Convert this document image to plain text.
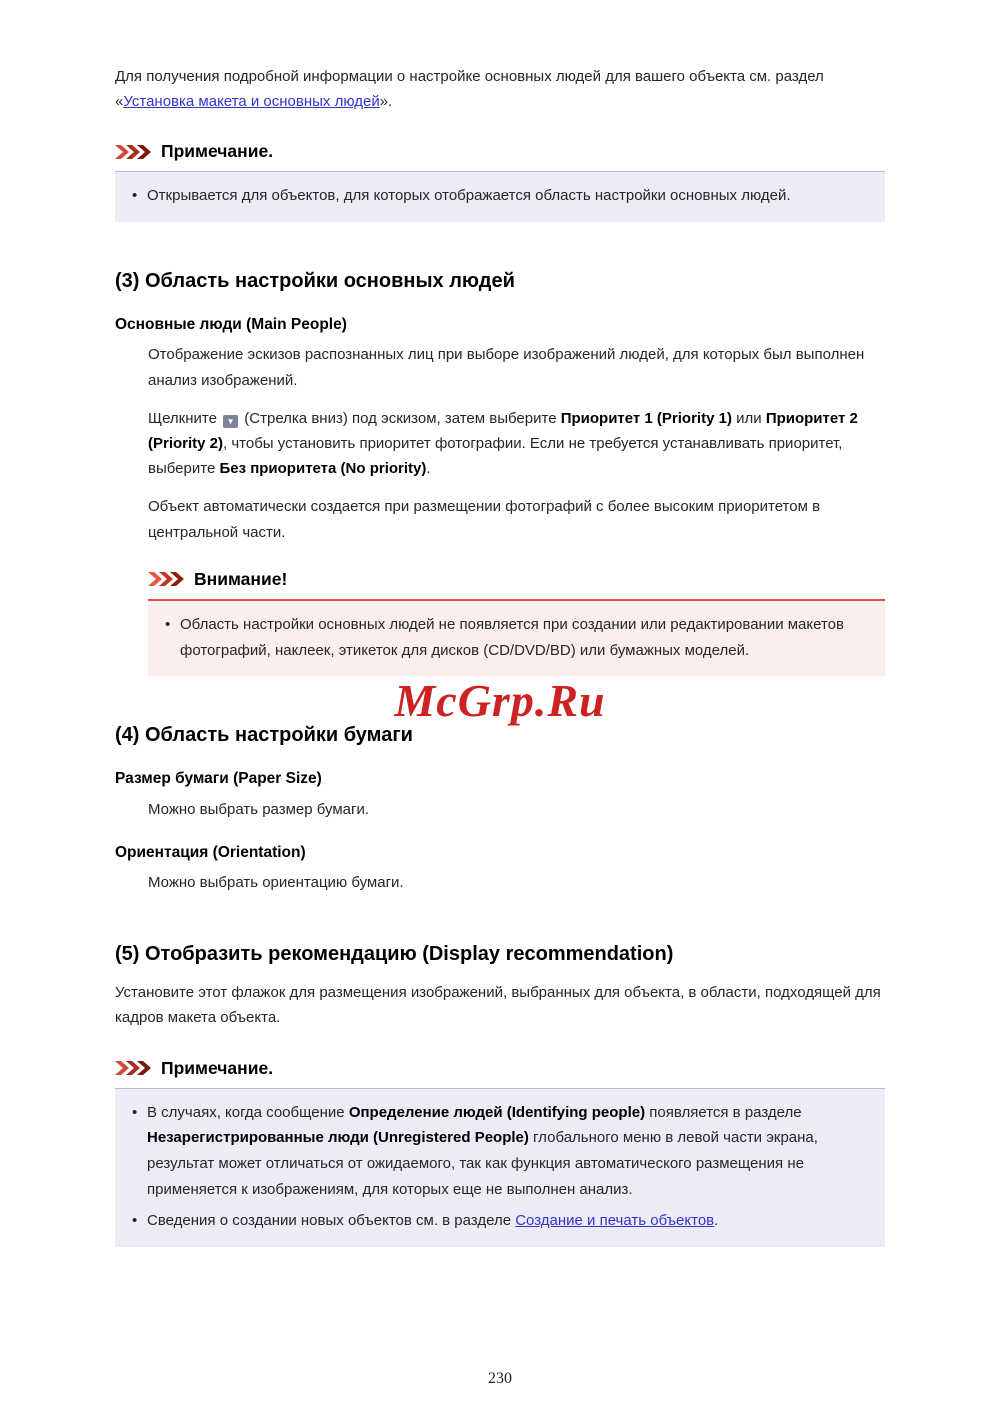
Для получения подробной информации о настройке основных людей для вашего объекта см. раздел «Установка макета и основных людей».

Примечание.
• Открывается для объектов, для которых отображается область настройки основных людей.
(3) Область настройки основных людей
Основные люди (Main People)

Отображение эскизов распознанных лиц при выборе изображений людей, для которых был выполнен анализ изображений.

Щелкните ▼ (Стрелка вниз) под эскизом, затем выберите Приоритет 1 (Priority 1) или Приоритет 2 (Priority 2), чтобы установить приоритет фотографии. Если не требуется устанавливать приоритет, выберите Без приоритета (No priority).

Объект автоматически создается при размещении фотографий с более высоким приоритетом в центральной части.

Внимание!
• Область настройки основных людей не появляется при создании или редактировании макетов фотографий, наклеек, этикеток для дисков (CD/DVD/BD) или бумажных моделей.
(4) Область настройки бумаги
Размер бумаги (Paper Size)

Можно выбрать размер бумаги.

Ориентация (Orientation)

Можно выбрать ориентацию бумаги.

(5) Отобразить рекомендацию (Display recommendation)

Установите этот флажок для размещения изображений, выбранных для объекта, в области, подходящей для кадров макета объекта.

Примечание.
• В случаях, когда сообщение Определение людей (Identifying people) появляется в разделе Незарегистрированные люди (Unregistered People) глобального меню в левой части экрана, результат может отличаться от ожидаемого, так как функция автоматического размещения не применяется к изображениям, для которых еще не выполнен анализ.
• Сведения о создании новых объектов см. в разделе Создание и печать объектов.
McGrp.Ru
230
